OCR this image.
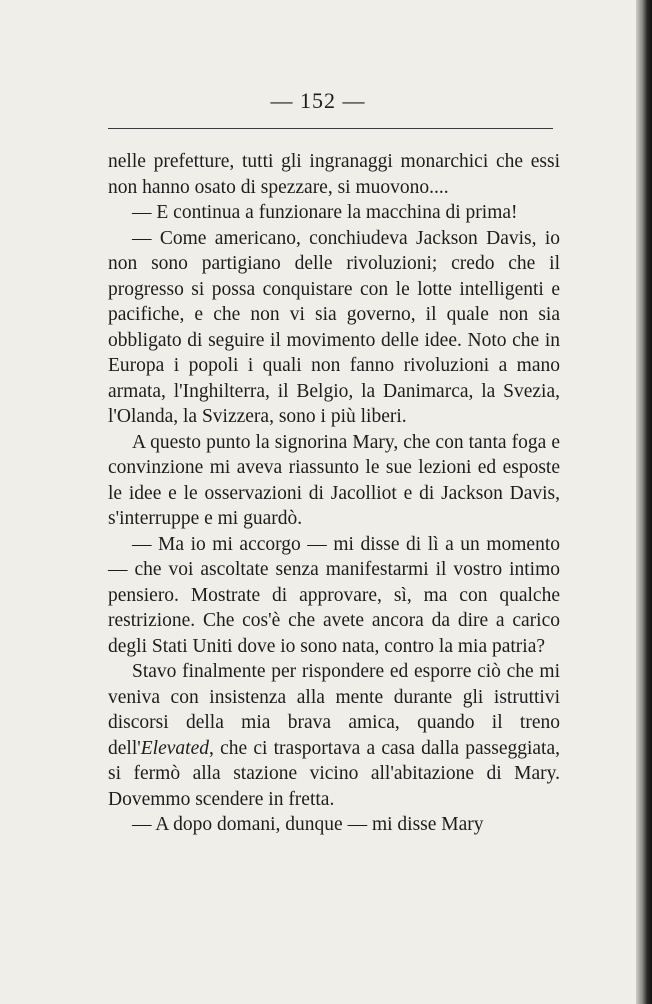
— 152 —

nelle prefetture, tutti gli ingranaggi monarchici che essi non hanno osato di spezzare, si muovono....

— E continua a funzionare la macchina di prima!

— Come americano, conchiudeva Jackson Davis, io non sono partigiano delle rivoluzioni; credo che il progresso si possa conquistare con le lotte intelligenti e pacifiche, e che non vi sia governo, il quale non sia obbligato di seguire il movimento delle idee. Noto che in Europa i popoli i quali non fanno rivoluzioni a mano armata, l'Inghilterra, il Belgio, la Danimarca, la Svezia, l'Olanda, la Svizzera, sono i più liberi.

A questo punto la signorina Mary, che con tanta foga e convinzione mi aveva riassunto le sue lezioni ed esposte le idee e le osservazioni di Jacolliot e di Jackson Davis, s'interruppe e mi guardò.

— Ma io mi accorgo — mi disse di lì a un momento — che voi ascoltate senza manifestarmi il vostro intimo pensiero. Mostrate di approvare, sì, ma con qualche restrizione. Che cos'è che avete ancora da dire a carico degli Stati Uniti dove io sono nata, contro la mia patria?

Stavo finalmente per rispondere ed esporre ciò che mi veniva con insistenza alla mente durante gli istruttivi discorsi della mia brava amica, quando il treno dell'Elevated, che ci trasportava a casa dalla passeggiata, si fermò alla stazione vicino all'abitazione di Mary. Dovemmo scendere in fretta.

— A dopo domani, dunque — mi disse Mary
